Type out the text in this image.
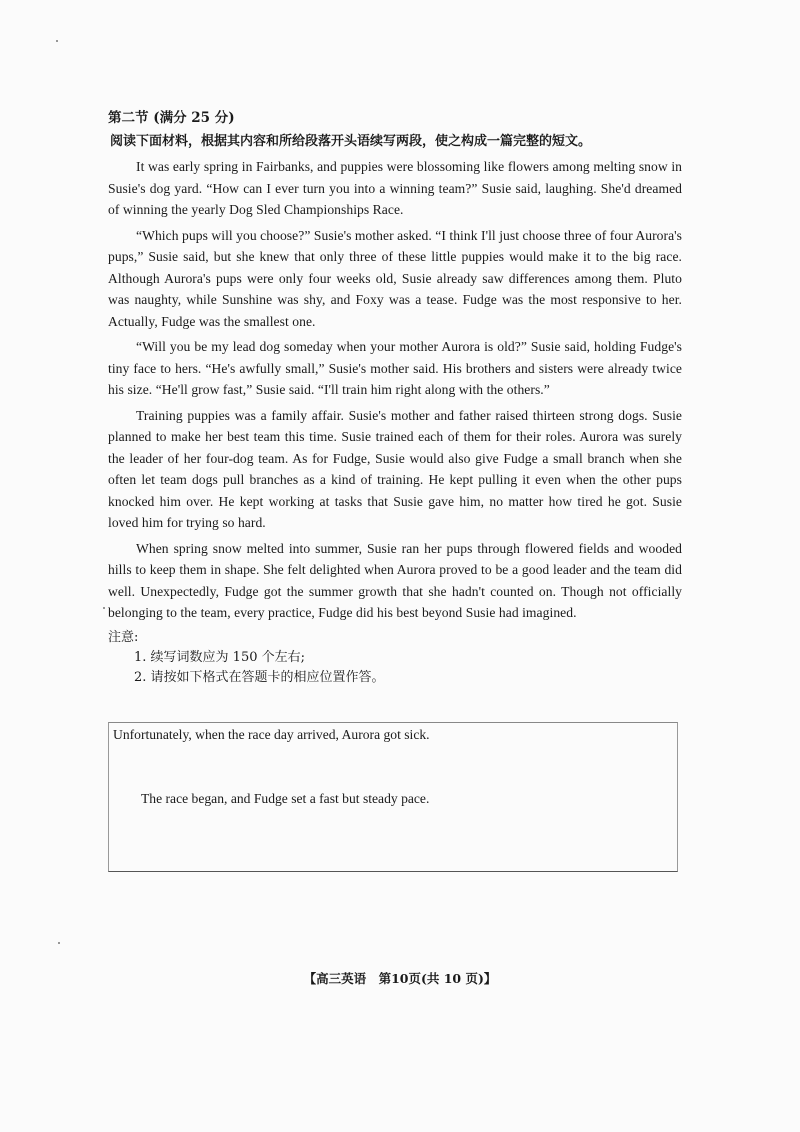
第二节 (满分 25 分)

阅读下面材料，根据其内容和所给段落开头语续写两段，使之构成一篇完整的短文。

It was early spring in Fairbanks, and puppies were blossoming like flowers among melting snow in Susie's dog yard. “How can I ever turn you into a winning team?” Susie said, laughing. She'd dreamed of winning the yearly Dog Sled Championships Race.

“Which pups will you choose?” Susie's mother asked. “I think I'll just choose three of four Aurora's pups,” Susie said, but she knew that only three of these little puppies would make it to the big race. Although Aurora's pups were only four weeks old, Susie already saw differences among them. Pluto was naughty, while Sunshine was shy, and Foxy was a tease. Fudge was the most responsive to her. Actually, Fudge was the smallest one.

“Will you be my lead dog someday when your mother Aurora is old?” Susie said, holding Fudge's tiny face to hers. “He's awfully small,” Susie's mother said. His brothers and sisters were already twice his size. “He'll grow fast,” Susie said. “I'll train him right along with the others.”

Training puppies was a family affair. Susie's mother and father raised thirteen strong dogs. Susie planned to make her best team this time. Susie trained each of them for their roles. Aurora was surely the leader of her four-dog team. As for Fudge, Susie would also give Fudge a small branch when she often let team dogs pull branches as a kind of training. He kept pulling it even when the other pups knocked him over. He kept working at tasks that Susie gave him, no matter how tired he got. Susie loved him for trying so hard.

When spring snow melted into summer, Susie ran her pups through flowered fields and wooded hills to keep them in shape. She felt delighted when Aurora proved to be a good leader and the team did well. Unexpectedly, Fudge got the summer growth that she hadn't counted on. Though not officially belonging to the team, every practice, Fudge did his best beyond Susie had imagined.

注意:

1. 续写词数应为 150 个左右;

2. 请按如下格式在答题卡的相应位置作答。

Unfortunately, when the race day arrived, Aurora got sick.
The race began, and Fudge set a fast but steady pace.
【高三英语　第10页(共 10 页)】
